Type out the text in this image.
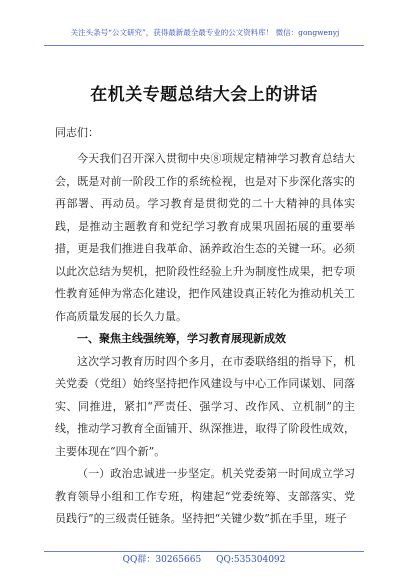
关注头条号“公文研究”，获得最新最全最专业的公文资料库！ 微信：gongwenyj
在机关专题总结大会上的讲话
同志们：

今天我们召开深入贯彻中央⑧项规定精神学习教育总结大会，既是对前一阶段工作的系统检视，也是对下步深化落实的再部署、再动员。学习教育是贯彻党的二十大精神的具体实践，是推动主题教育和党纪学习教育成果巩固拓展的重要举措，更是我们推进自我革命、涵养政治生态的关键一环。必须以此次总结为契机，把阶段性经验上升为制度性成果，把专项性教育延伸为常态化建设，把作风建设真正转化为推动机关工作高质量发展的长久力量。

一、聚焦主线强统筹，学习教育展现新成效

这次学习教育历时四个多月，在市委联络组的指导下，机关党委（党组）始终坚持把作风建设与中心工作同谋划、同落实、同推进，紧扣“严责任、强学习、改作风、立机制”的主线，推动学习教育全面铺开、纵深推进，取得了阶段性成效，主要体现在“四个新”。

（一）政治忠诚进一步坚定。机关党委第一时间成立学习教育领导小组和工作专班，构建起“党委统筹、支部落实、党员践行”的三级责任链条。坚持把“关键少数”抓在手里，班子

QQ群：30265665 QQ:535304092
